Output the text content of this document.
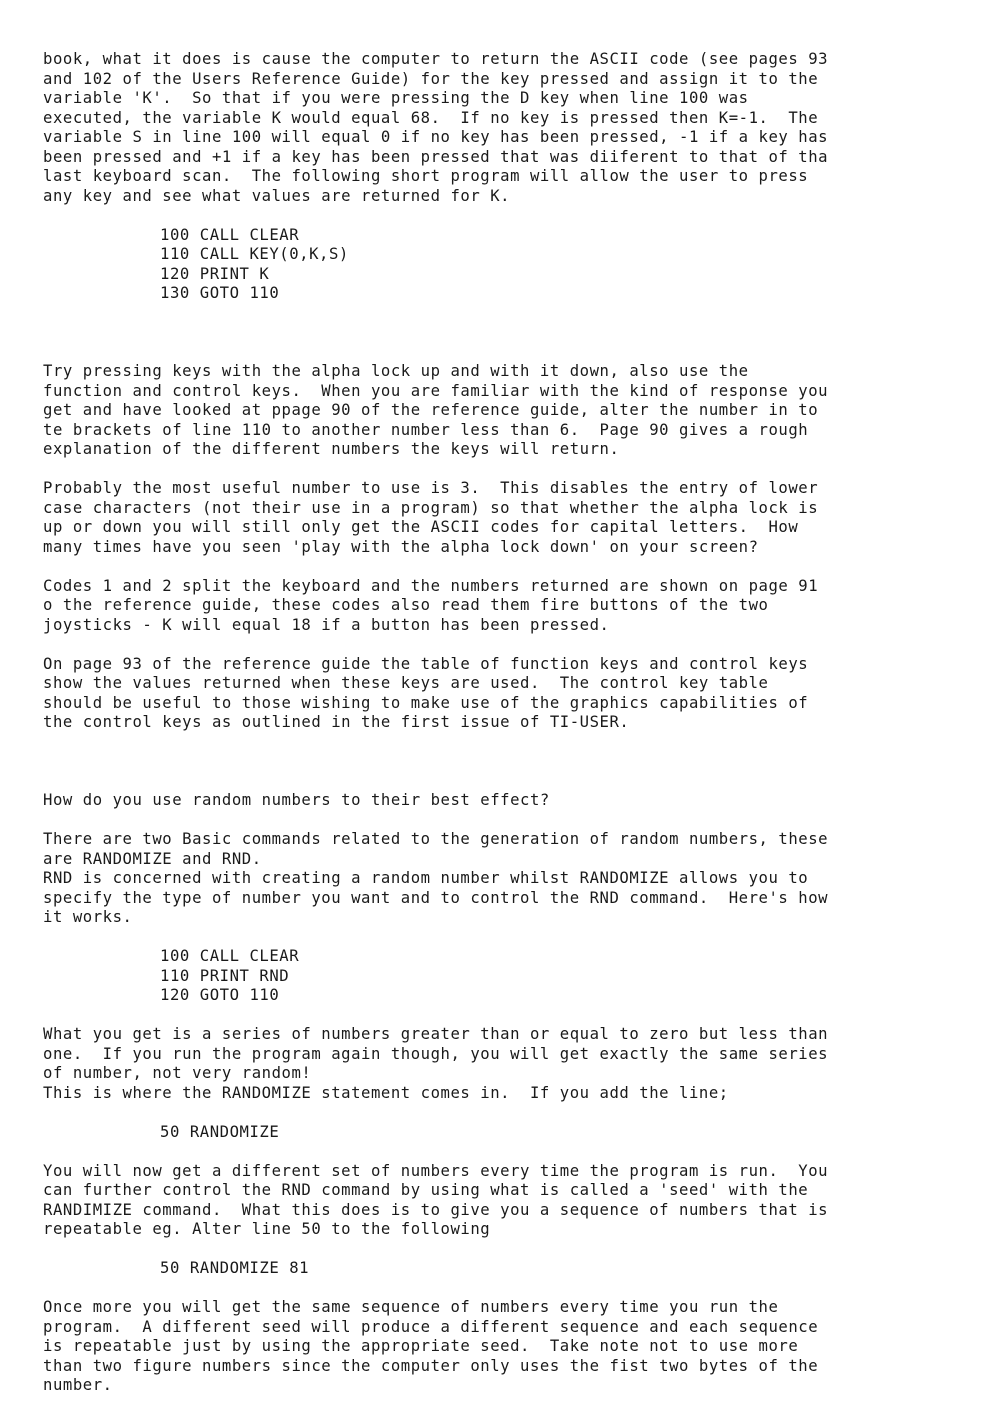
book, what it does is cause the computer to return the ASCII code (see pages 93
and 102 of the Users Reference Guide) for the key pressed and assign it to the
variable 'K'.  So that if you were pressing the D key when line 100 was
executed, the variable K would equal 68.  If no key is pressed then K=-1.  The
variable S in line 100 will equal 0 if no key has been pressed, -1 if a key has
been pressed and +1 if a key has been pressed that was diiferent to that of tha
last keyboard scan.  The following short program will allow the user to press
any key and see what values are returned for K.
100 CALL CLEAR
110 CALL KEY(0,K,S)
120 PRINT K
130 GOTO 110
Try pressing keys with the alpha lock up and with it down, also use the
function and control keys.  When you are familiar with the kind of response you
get and have looked at ppage 90 of the reference guide, alter the number in to
te brackets of line 110 to another number less than 6.  Page 90 gives a rough
explanation of the different numbers the keys will return.
Probably the most useful number to use is 3.  This disables the entry of lower
case characters (not their use in a program) so that whether the alpha lock is
up or down you will still only get the ASCII codes for capital letters.  How
many times have you seen 'play with the alpha lock down' on your screen?
Codes 1 and 2 split the keyboard and the numbers returned are shown on page 91
o the reference guide, these codes also read them fire buttons of the two
joysticks - K will equal 18 if a button has been pressed.
On page 93 of the reference guide the table of function keys and control keys
show the values returned when these keys are used.  The control key table
should be useful to those wishing to make use of the graphics capabilities of
the control keys as outlined in the first issue of TI-USER.
How do you use random numbers to their best effect?
There are two Basic commands related to the generation of random numbers, these
are RANDOMIZE and RND.
RND is concerned with creating a random number whilst RANDOMIZE allows you to
specify the type of number you want and to control the RND command.  Here's how
it works.
100 CALL CLEAR
110 PRINT RND
120 GOTO 110
What you get is a series of numbers greater than or equal to zero but less than
one.  If you run the program again though, you will get exactly the same series
of number, not very random!
This is where the RANDOMIZE statement comes in.  If you add the line;
50 RANDOMIZE
You will now get a different set of numbers every time the program is run.  You
can further control the RND command by using what is called a 'seed' with the
RANDIMIZE command.  What this does is to give you a sequence of numbers that is
repeatable eg. Alter line 50 to the following
50 RANDOMIZE 81
Once more you will get the same sequence of numbers every time you run the
program.  A different seed will produce a different sequence and each sequence
is repeatable just by using the appropriate seed.  Take note not to use more
than two figure numbers since the computer only uses the fist two bytes of the
number.
